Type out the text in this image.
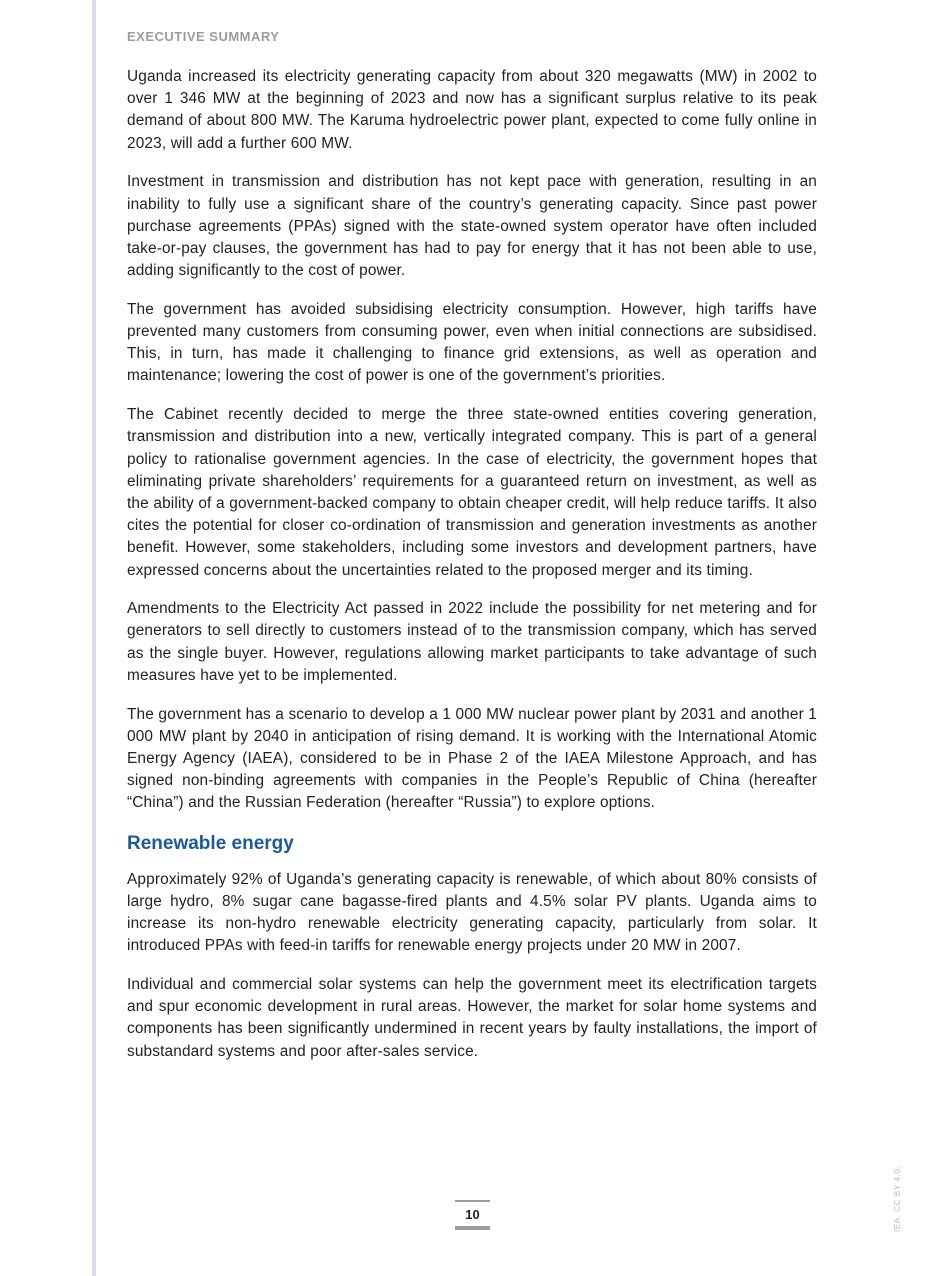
EXECUTIVE SUMMARY

Uganda increased its electricity generating capacity from about 320 megawatts (MW) in 2002 to over 1 346 MW at the beginning of 2023 and now has a significant surplus relative to its peak demand of about 800 MW. The Karuma hydroelectric power plant, expected to come fully online in 2023, will add a further 600 MW.

Investment in transmission and distribution has not kept pace with generation, resulting in an inability to fully use a significant share of the country’s generating capacity. Since past power purchase agreements (PPAs) signed with the state-owned system operator have often included take-or-pay clauses, the government has had to pay for energy that it has not been able to use, adding significantly to the cost of power.

The government has avoided subsidising electricity consumption. However, high tariffs have prevented many customers from consuming power, even when initial connections are subsidised. This, in turn, has made it challenging to finance grid extensions, as well as operation and maintenance; lowering the cost of power is one of the government’s priorities.

The Cabinet recently decided to merge the three state-owned entities covering generation, transmission and distribution into a new, vertically integrated company. This is part of a general policy to rationalise government agencies. In the case of electricity, the government hopes that eliminating private shareholders’ requirements for a guaranteed return on investment, as well as the ability of a government-backed company to obtain cheaper credit, will help reduce tariffs. It also cites the potential for closer co-ordination of transmission and generation investments as another benefit. However, some stakeholders, including some investors and development partners, have expressed concerns about the uncertainties related to the proposed merger and its timing.

Amendments to the Electricity Act passed in 2022 include the possibility for net metering and for generators to sell directly to customers instead of to the transmission company, which has served as the single buyer. However, regulations allowing market participants to take advantage of such measures have yet to be implemented.

The government has a scenario to develop a 1 000 MW nuclear power plant by 2031 and another 1 000 MW plant by 2040 in anticipation of rising demand. It is working with the International Atomic Energy Agency (IAEA), considered to be in Phase 2 of the IAEA Milestone Approach, and has signed non-binding agreements with companies in the People’s Republic of China (hereafter “China”) and the Russian Federation (hereafter “Russia”) to explore options.

Renewable energy

Approximately 92% of Uganda’s generating capacity is renewable, of which about 80% consists of large hydro, 8% sugar cane bagasse-fired plants and 4.5% solar PV plants. Uganda aims to increase its non-hydro renewable electricity generating capacity, particularly from solar. It introduced PPAs with feed-in tariffs for renewable energy projects under 20 MW in 2007.

Individual and commercial solar systems can help the government meet its electrification targets and spur economic development in rural areas. However, the market for solar home systems and components has been significantly undermined in recent years by faulty installations, the import of substandard systems and poor after-sales service.

10	IEA. CC BY 4.0.
